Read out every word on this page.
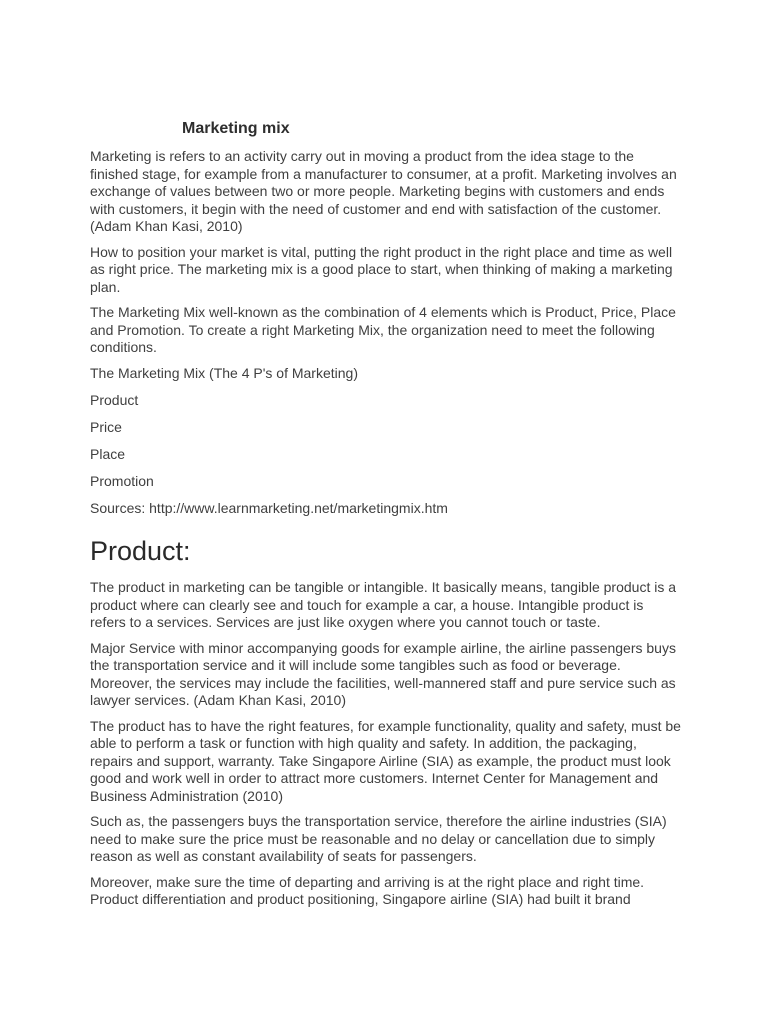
Marketing mix

Marketing is refers to an activity carry out in moving a product from the idea stage to the finished stage, for example from a manufacturer to consumer, at a profit. Marketing involves an exchange of values between two or more people. Marketing begins with customers and ends with customers, it begin with the need of customer and end with satisfaction of the customer. (Adam Khan Kasi, 2010)

How to position your market is vital, putting the right product in the right place and time as well as right price. The marketing mix is a good place to start, when thinking of making a marketing plan.

The Marketing Mix well-known as the combination of 4 elements which is Product, Price, Place and Promotion. To create a right Marketing Mix, the organization need to meet the following conditions.

The Marketing Mix (The 4 P's of Marketing)

Product

Price

Place

Promotion

Sources: http://www.learnmarketing.net/marketingmix.htm

Product:

The product in marketing can be tangible or intangible. It basically means, tangible product is a product where can clearly see and touch for example a car, a house. Intangible product is refers to a services. Services are just like oxygen where you cannot touch or taste.

Major Service with minor accompanying goods for example airline, the airline passengers buys the transportation service and it will include some tangibles such as food or beverage. Moreover, the services may include the facilities, well-mannered staff and pure service such as lawyer services. (Adam Khan Kasi, 2010)

The product has to have the right features, for example functionality, quality and safety, must be able to perform a task or function with high quality and safety. In addition, the packaging, repairs and support, warranty. Take Singapore Airline (SIA) as example, the product must look good and work well in order to attract more customers. Internet Center for Management and Business Administration (2010)

Such as, the passengers buys the transportation service, therefore the airline industries (SIA) need to make sure the price must be reasonable and no delay or cancellation due to simply reason as well as constant availability of seats for passengers.

Moreover, make sure the time of departing and arriving is at the right place and right time. Product differentiation and product positioning, Singapore airline (SIA) had built it brand
